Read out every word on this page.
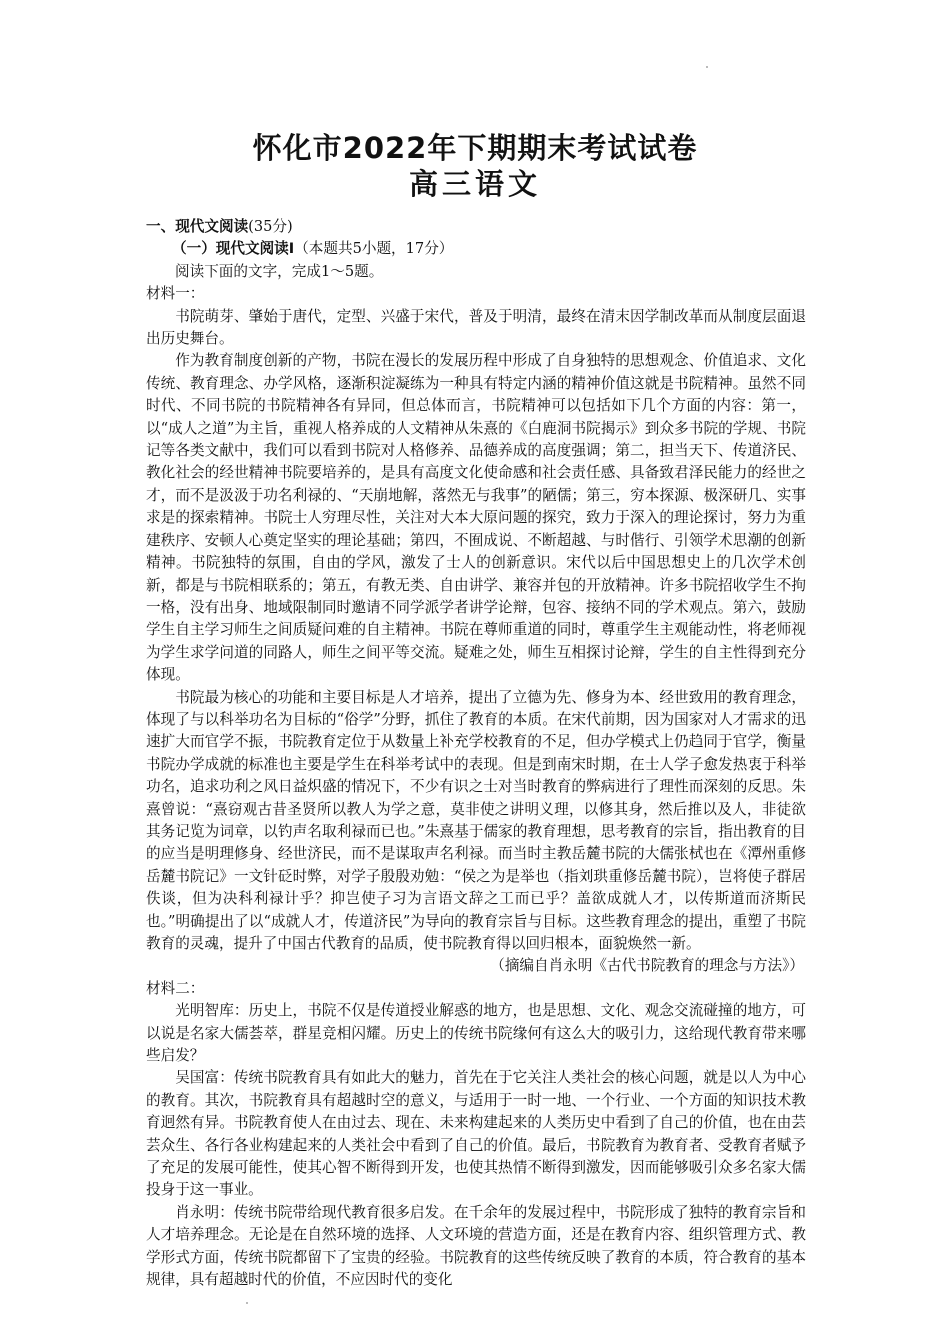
怀化市2022年下期期末考试试卷
高三语文

一、现代文阅读(35分)

（一）现代文阅读Ⅰ（本题共5小题，17分）

阅读下面的文字，完成1～5题。

材料一：

书院萌芽、肇始于唐代，定型、兴盛于宋代，普及于明清，最终在清末因学制改革而从制度层面退出历史舞台。

作为教育制度创新的产物，书院在漫长的发展历程中形成了自身独特的思想观念、价值追求、文化传统、教育理念、办学风格，逐渐积淀凝练为一种具有特定内涵的精神价值这就是书院精神。虽然不同时代、不同书院的书院精神各有异同，但总体而言，书院精神可以包括如下几个方面的内容：第一，以“成人之道”为主旨，重视人格养成的人文精神从朱熹的《白鹿洞书院揭示》到众多书院的学规、书院记等各类文献中，我们可以看到书院对人格修养、品德养成的高度强调；第二，担当天下、传道济民、教化社会的经世精神书院要培养的，是具有高度文化使命感和社会责任感、具备致君泽民能力的经世之才，而不是汲汲于功名利禄的、“天崩地解，落然无与我事”的陋儒；第三，穷本探源、极深研几、实事求是的探索精神。书院士人穷理尽性，关注对大本大原问题的探究，致力于深入的理论探讨，努力为重建秩序、安顿人心奠定坚实的理论基础；第四，不囿成说、不断超越、与时偕行、引领学术思潮的创新精神。书院独特的氛围，自由的学风，激发了士人的创新意识。宋代以后中国思想史上的几次学术创新，都是与书院相联系的；第五，有教无类、自由讲学、兼容并包的开放精神。许多书院招收学生不拘一格，没有出身、地域限制同时邀请不同学派学者讲学论辩，包容、接纳不同的学术观点。第六，鼓励学生自主学习师生之间质疑问难的自主精神。书院在尊师重道的同时，尊重学生主观能动性，将老师视为学生求学问道的同路人，师生之间平等交流。疑难之处，师生互相探讨论辩，学生的自主性得到充分体现。

书院最为核心的功能和主要目标是人才培养，提出了立德为先、修身为本、经世致用的教育理念，体现了与以科举功名为目标的“俗学”分野，抓住了教育的本质。在宋代前期，因为国家对人才需求的迅速扩大而官学不振，书院教育定位于从数量上补充学校教育的不足，但办学模式上仍趋同于官学，衡量书院办学成就的标准也主要是学生在科举考试中的表现。但是到南宋时期，在士人学子愈发热衷于科举功名，追求功利之风日益炽盛的情况下，不少有识之士对当时教育的弊病进行了理性而深刻的反思。朱熹曾说：“熹窃观古昔圣贤所以教人为学之意，莫非使之讲明义理，以修其身，然后推以及人，非徒欲其务记览为词章，以钓声名取利禄而已也。”朱熹基于儒家的教育理想，思考教育的宗旨，指出教育的目的应当是明理修身、经世济民，而不是谋取声名利禄。而当时主教岳麓书院的大儒张栻也在《潭州重修岳麓书院记》一文针砭时弊，对学子殷殷劝勉：“侯之为是举也（指刘珙重修岳麓书院），岂将使子群居佚谈，但为决科利禄计乎？抑岂使子习为言语文辞之工而已乎？盖欲成就人才，以传斯道而济斯民也。”明确提出了以“成就人才，传道济民”为导向的教育宗旨与目标。这些教育理念的提出，重塑了书院教育的灵魂，提升了中国古代教育的品质，使书院教育得以回归根本，面貌焕然一新。

（摘编自肖永明《古代书院教育的理念与方法》）

材料二：

光明智库：历史上，书院不仅是传道授业解惑的地方，也是思想、文化、观念交流碰撞的地方，可以说是名家大儒荟萃，群星竞相闪耀。历史上的传统书院缘何有这么大的吸引力，这给现代教育带来哪些启发？

吴国富：传统书院教育具有如此大的魅力，首先在于它关注人类社会的核心问题，就是以人为中心的教育。其次，书院教育具有超越时空的意义，与适用于一时一地、一个行业、一个方面的知识技术教育迥然有异。书院教育使人在由过去、现在、未来构建起来的人类历史中看到了自己的价值，也在由芸芸众生、各行各业构建起来的人类社会中看到了自己的价值。最后，书院教育为教育者、受教育者赋予了充足的发展可能性，使其心智不断得到开发，也使其热情不断得到激发，因而能够吸引众多名家大儒投身于这一事业。

肖永明：传统书院带给现代教育很多启发。在千余年的发展过程中，书院形成了独特的教育宗旨和人才培养理念。无论是在自然环境的选择、人文环境的营造方面，还是在教育内容、组织管理方式、教学形式方面，传统书院都留下了宝贵的经验。书院教育的这些传统反映了教育的本质，符合教育的基本规律，具有超越时代的价值，不应因时代的变化
